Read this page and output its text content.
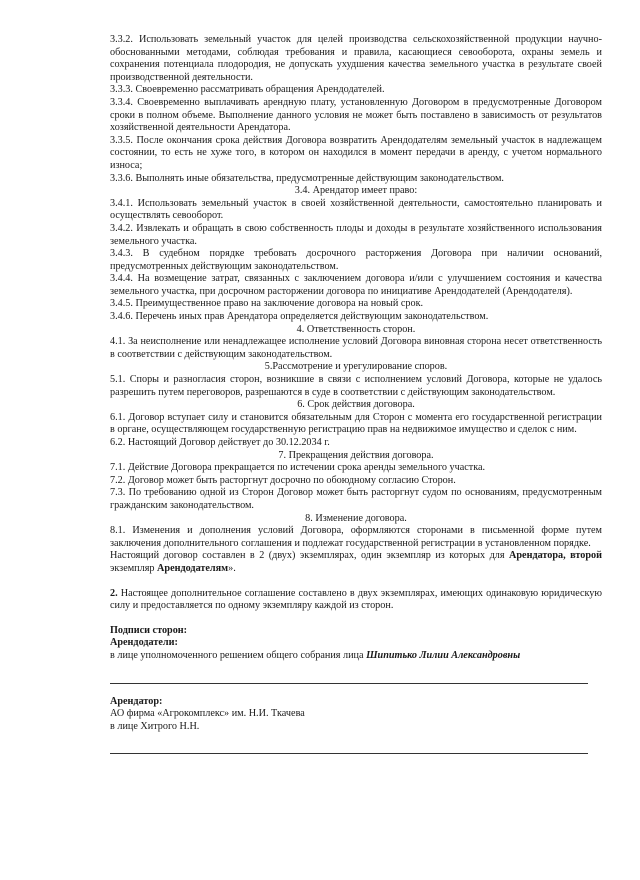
3.3.2. Использовать земельный участок для целей производства сельскохозяйственной продукции научно-обоснованными методами, соблюдая требования и правила, касающиеся севооборота, охраны земель и сохранения потенциала плодородия, не допускать ухудшения качества земельного участка в результате своей производственной деятельности.

3.3.3. Своевременно рассматривать обращения Арендодателей.

3.3.4. Своевременно выплачивать арендную плату, установленную Договором в предусмотренные Договором сроки в полном объеме. Выполнение данного условия не может быть поставлено в зависимость от результатов хозяйственной деятельности Арендатора.

3.3.5. После окончания срока действия Договора возвратить Арендодателям земельный участок в надлежащем состоянии, то есть не хуже того, в котором он находился в момент передачи в аренду, с учетом нормального износа;

3.3.6. Выполнять иные обязательства, предусмотренные действующим законодательством.

3.4. Арендатор имеет право:

3.4.1. Использовать земельный участок в своей хозяйственной деятельности, самостоятельно планировать и осуществлять севооборот.

3.4.2. Извлекать и обращать в свою собственность плоды и доходы в результате хозяйственного использования земельного участка.

3.4.3. В судебном порядке требовать досрочного расторжения Договора при наличии оснований, предусмотренных действующим законодательством.

3.4.4. На возмещение затрат, связанных с заключением договора и/или с улучшением состояния и качества земельного участка, при досрочном расторжении договора по инициативе Арендодателей (Арендодателя).

3.4.5. Преимущественное право на заключение договора на новый срок.

3.4.6. Перечень иных прав Арендатора определяется действующим законодательством.

4. Ответственность сторон.

4.1. За неисполнение или ненадлежащее исполнение условий Договора виновная сторона несет ответственность в соответствии с действующим законодательством.

5.Рассмотрение и урегулирование споров.

5.1. Споры и разногласия сторон, возникшие в связи с исполнением условий Договора, которые не удалось разрешить путем переговоров, разрешаются в суде в соответствии с действующим законодательством.

6. Срок действия договора.

6.1. Договор вступает силу и становится обязательным для Сторон с момента его государственной регистрации в органе, осуществляющем государственную регистрацию прав на недвижимое имущество и сделок с ним.

6.2. Настоящий Договор действует до 30.12.2034 г.

7. Прекращения действия договора.

7.1. Действие Договора прекращается по истечении срока аренды земельного участка.

7.2. Договор может быть расторгнут досрочно по обоюдному согласию Сторон.

7.3. По требованию одной из Сторон Договор может быть расторгнут судом по основаниям, предусмотренным гражданским законодательством.

8. Изменение договора.

8.1. Изменения и дополнения условий Договора, оформляются сторонами в письменной форме путем заключения дополнительного соглашения и подлежат государственной регистрации в установленном порядке.

Настоящий договор составлен в 2 (двух) экземплярах, один экземпляр из которых для Арендатора, второй экземпляр Арендодателям».

2. Настоящее дополнительное соглашение составлено в двух экземплярах, имеющих одинаковую юридическую силу и предоставляется по одному экземпляру каждой из сторон.

Подписи сторон:

Арендодатели:

в лице уполномоченного решением общего собрания лица Шипитько Лилии Александровны

Арендатор:

АО фирма «Агрокомплекс» им. Н.И. Ткачева

в лице Хитрого Н.Н.
